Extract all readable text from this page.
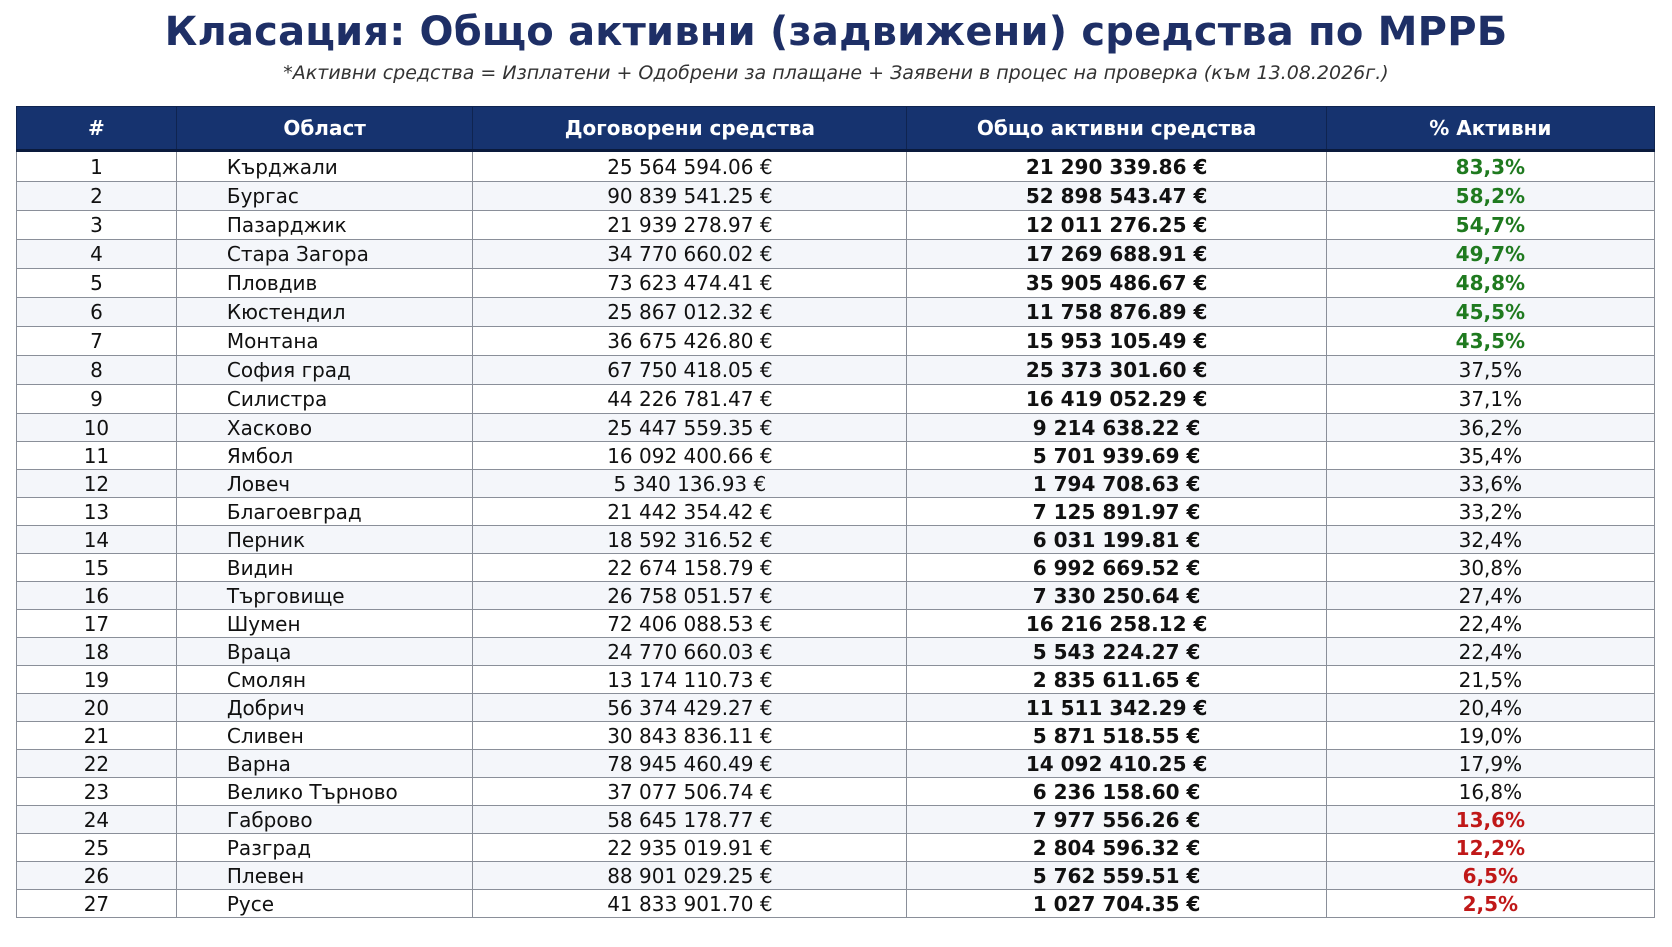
Класация: Общо активни (задвижени) средства по МРРБ
*Активни средства = Изплатени + Одобрени за плащане + Заявени в процес на проверка (към 13.08.2026г.)
#	Област	Договорени средства	Общо активни средства	% Активни
1	Кърджали	25 564 594.06 €	21 290 339.86 €	83,3%
2	Бургас	90 839 541.25 €	52 898 543.47 €	58,2%
3	Пазарджик	21 939 278.97 €	12 011 276.25 €	54,7%
4	Стара Загора	34 770 660.02 €	17 269 688.91 €	49,7%
5	Пловдив	73 623 474.41 €	35 905 486.67 €	48,8%
6	Кюстендил	25 867 012.32 €	11 758 876.89 €	45,5%
7	Монтана	36 675 426.80 €	15 953 105.49 €	43,5%
8	София град	67 750 418.05 €	25 373 301.60 €	37,5%
9	Силистра	44 226 781.47 €	16 419 052.29 €	37,1%
10	Хасково	25 447 559.35 €	9 214 638.22 €	36,2%
11	Ямбол	16 092 400.66 €	5 701 939.69 €	35,4%
12	Ловеч	5 340 136.93 €	1 794 708.63 €	33,6%
13	Благоевград	21 442 354.42 €	7 125 891.97 €	33,2%
14	Перник	18 592 316.52 €	6 031 199.81 €	32,4%
15	Видин	22 674 158.79 €	6 992 669.52 €	30,8%
16	Търговище	26 758 051.57 €	7 330 250.64 €	27,4%
17	Шумен	72 406 088.53 €	16 216 258.12 €	22,4%
18	Враца	24 770 660.03 €	5 543 224.27 €	22,4%
19	Смолян	13 174 110.73 €	2 835 611.65 €	21,5%
20	Добрич	56 374 429.27 €	11 511 342.29 €	20,4%
21	Сливен	30 843 836.11 €	5 871 518.55 €	19,0%
22	Варна	78 945 460.49 €	14 092 410.25 €	17,9%
23	Велико Търново	37 077 506.74 €	6 236 158.60 €	16,8%
24	Габрово	58 645 178.77 €	7 977 556.26 €	13,6%
25	Разград	22 935 019.91 €	2 804 596.32 €	12,2%
26	Плевен	88 901 029.25 €	5 762 559.51 €	6,5%
27	Русе	41 833 901.70 €	1 027 704.35 €	2,5%
